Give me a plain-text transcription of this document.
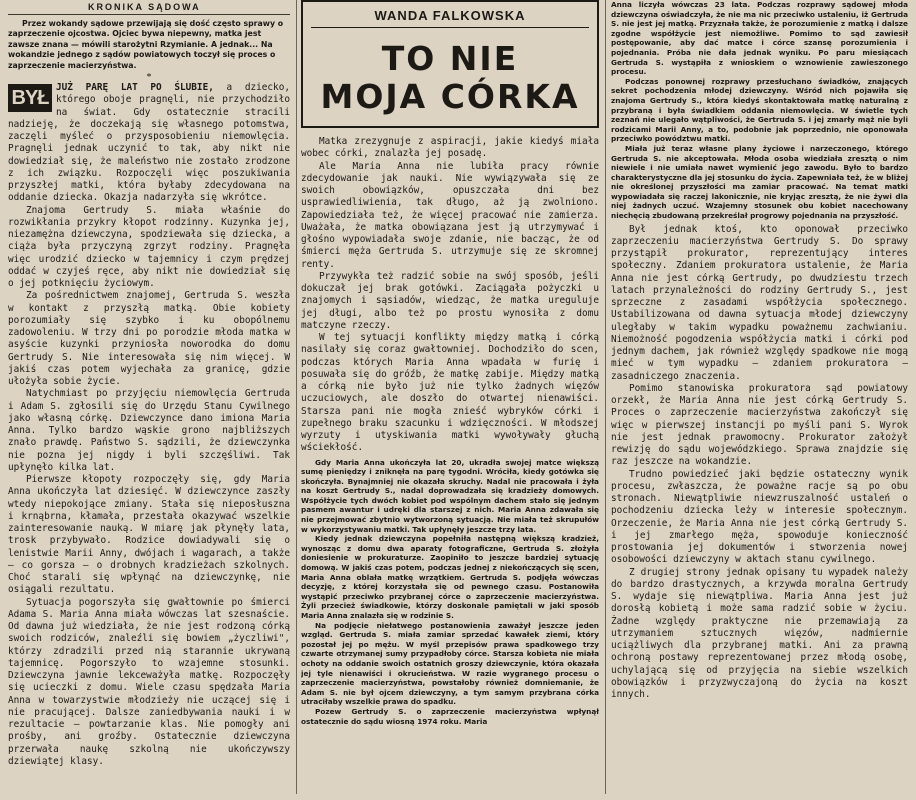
KRONIKA SĄDOWA

Przez wokandy sądowe przewijają się dość często sprawy o zaprzeczenie ojcostwa. Ojciec bywa niepewny, matka jest zawsze znana — mówili starożytni Rzymianie. A jednak... Na wokandzie jednego z sądów powiatowych toczył się proces o zaprzeczenie macierzyństwa.

*

BYŁ JUŻ PARĘ LAT PO ŚLUBIE, a dziecko, którego oboje pragnęli, nie przychodziło na świat. Gdy ostatecznie stracili nadzieję, że doczekają się własnego potomstwa, zaczęli myśleć o przysposobieniu niemowlęcia. Pragnęli jednak uczynić to tak, aby nikt nie dowiedział się, że maleństwo nie zostało zrodzone z ich związku. Rozpoczęli więc poszukiwania przyszłej matki, która byłaby zdecydowana na oddanie dziecka. Okazja nadarzyła się wkrótce.

Znajoma Gertrudy S. miała właśnie do rozwikłania przykry kłopot rodzinny. Kuzynka jej, niezamężna dziewczyna, spodziewała się dziecka, a ciąża była przyczyną zgrzyt rodziny. Pragnęła więc urodzić dziecko w tajemnicy i czym prędzej oddać w czyjeś ręce, aby nikt nie dowiedział się o jej potknięciu życiowym.

Za pośrednictwem znajomej, Gertruda S. weszła w kontakt z przyszłą matką. Obie kobiety porozumiały się szybko i ku obopólnemu zadowoleniu. W trzy dni po porodzie młoda matka w asyście kuzynki przyniosła noworodka do domu Gertrudy S. Nie interesowała się nim więcej. W jakiś czas potem wyjechała za granicę, gdzie ułożyła sobie życie.

Natychmiast po przyjęciu niemowlęcia Gertruda i Adam S. zgłosili się do Urzędu Stanu Cywilnego jako własną córkę. Dziewczynce dano imiona Maria Anna. Tylko bardzo wąskie grono najbliższych znało prawdę. Państwo S. sądzili, że dziewczynka nie pozna jej nigdy i byli szczęśliwi. Tak upłynęło kilka lat.

Pierwsze kłopoty rozpoczęły się, gdy Maria Anna ukończyła lat dziesięć. W dziewczynce zaszły wtedy niepokojące zmiany. Stała się nieposłuszna i krnąbrna, kłamała, przestała okazywać wszelkie zainteresowanie nauką. W miarę jak płynęły lata, trosk przybywało. Rodzice dowiadywali się o lenistwie Marii Anny, dwójach i wagarach, a także — co gorsza — o drobnych kradzieżach szkolnych. Choć starali się wpłynąć na dziewczynkę, nie osiągali rezultatu.

Sytuacja pogorszyła się gwałtownie po śmierci Adama S. Maria Anna miała wówczas lat szesnaście. Od dawna już wiedziała, że nie jest rodzoną córką swoich rodziców, znaleźli się bowiem „życzliwi", którzy zdradzili przed nią starannie ukrywaną tajemnicę. Pogorszyło to wzajemne stosunki. Dziewczyna jawnie lekceważyła matkę. Rozpoczęły się ucieczki z domu. Wiele czasu spędzała Maria Anna w towarzystwie młodzieży nie uczącej się i nie pracującej. Dalsze zaniedbywania nauki i w rezultacie — powtarzanie klas. Nie pomogły ani prośby, ani groźby. Ostatecznie dziewczyna przerwała naukę szkolną nie ukończywszy dziewiątej klasy.

WANDA FALKOWSKA
TO NIE
MOJA CÓRKA

Matka zrezygnuje z aspiracji, jakie kiedyś miała wobec córki, znalazła jej posadę.

Ale Maria Anna nie lubiła pracy równie zdecydowanie jak nauki. Nie wywiązywała się ze swoich obowiązków, opuszczała dni bez usprawiedliwienia, tak długo, aż ją zwolniono. Zapowiedziała też, że więcej pracować nie zamierza. Uważała, że matka obowiązana jest ją utrzymywać i głośno wypowiadała swoje zdanie, nie bacząc, że od śmierci męża Gertruda S. utrzymuje się ze skromnej renty.

Przywykła też radzić sobie na swój sposób, jeśli dokuczał jej brak gotówki. Zaciągała pożyczki u znajomych i sąsiadów, wiedząc, że matka ureguluje jej długi, albo też po prostu wynosiła z domu matczyne rzeczy.

W tej sytuacji konflikty między matką i córką nasilały się coraz gwałtowniej. Dochodziło do scen, podczas których Maria Anna wpadała w furię i posuwała się do gróźb, że matkę zabije. Między matką a córką nie było już nie tylko żadnych więzów uczuciowych, ale doszło do otwartej nienawiści. Starsza pani nie mogła znieść wybryków córki i zupełnego braku szacunku i wdzięczności. W młodszej wyrzuty i utyskiwania matki wywoływały głuchą wściekłość.

Gdy Maria Anna ukończyła lat 20, ukradła swojej matce większą sumę pieniędzy i zniknęła na parę tygodni. Wróciła, kiedy gotówka się skończyła. Bynajmniej nie okazała skruchy. Nadal nie pracowała i żyła na koszt Gertrudy S., nadal doprowadzała się kradzieży domowych. Współżycie tych dwóch kobiet pod wspólnym dachem stało się jednym pasmem awantur i udręki dla starszej z nich. Maria Anna zdawała się nie przejmować zbytnio wytworzoną sytuacją. Nie miała też skrupułów w wykorzystywaniu matki. Tak upłynęły jeszcze trzy lata.

Kiedy jednak dziewczyna popełniła następną większą kradzież, wynosząc z domu dwa aparaty fotograficzne, Gertruda S. złożyła doniesienie w prokuraturze. Zaopiniło to jeszcze bardziej sytuację domową. W jakiś czas potem, podczas jednej z niekończących się scen, Maria Anna oblała matkę wrzątkiem. Gertruda S. podjęła wówczas decyzję, z której korzystała się od pewnego czasu. Postanowiła wystąpić przeciwko przybranej córce o zaprzeczenie macierzyństwa. Żyli przecież świadkowie, którzy doskonale pamiętali w jaki sposób Maria Anna znalazła się w rodzinie S.

Na podjęcie niełatwego postanowienia zaważył jeszcze jeden wzgląd. Gertruda S. miała zamiar sprzedać kawałek ziemi, który pozostał jej po mężu. W myśl przepisów prawa spadkowego trzy czwarte otrzymanej sumy przypadłoby córce. Starsza kobieta nie miała ochoty na oddanie swoich ostatnich groszy dziewczynie, która okazała jej tyle nienawiści i okrucieństwa. W razie wygranego procesu o zaprzeczenie macierzyństwa, powstałoby również domniemanie, że Adam S. nie był ojcem dziewczyny, a tym samym przybrana córka utraciłaby wszelkie prawa do spadku.

Pozew Gertrudy S. o zaprzeczenie macierzyństwa wpłynął ostatecznie do sądu wiosną 1974 roku. Maria

Anna liczyła wówczas 23 lata. Podczas rozprawy sądowej młoda dziewczyna oświadczyła, że nie ma nic przeciwko ustaleniu, iż Gertruda S. nie jest jej matką. Przyznała także, że porozumienie z matką i dalsze zgodne współżycie jest niemożliwe. Pomimo to sąd zawiesił postępowanie, aby dać matce i córce szansę porozumienia i pojednania. Próba nie dała jednak wyniku. Po paru miesiącach Gertruda S. wystąpiła z wnioskiem o wznowienie zawieszonego procesu.

Podczas ponownej rozprawy przesłuchano świadków, znających sekret pochodzenia młodej dziewczyny. Wśród nich pojawiła się znajoma Gertrudy S., która kiedyś skontaktowała matkę naturalną z przybraną i była świadkiem oddania niemowlęcia. W świetle tych zeznań nie ulegało wątpliwości, że Gertruda S. i jej zmarły mąż nie byli rodzicami Marii Anny, a to, podobnie jak poprzednio, nie oponowała przeciwko powództwu matki.

Miała już teraz własne plany życiowe i narzeczonego, którego Gertruda S. nie akceptowała. Młoda osoba wiedziała zresztą o nim niewiele i nie umiała nawet wymienić jego zawodu. Było to bardzo charakterystyczne dla jej stosunku do życia. Zapewniała też, że w bliżej nie określonej przyszłości ma zamiar pracować. Na temat matki wypowiadała się raczej lakonicznie, nie kryjąc zresztą, że nie żywi dla niej żadnych uczuć. Wzajemny stosunek obu kobiet nacechowany niechęcią zbudowaną przekreślał progrowy pojednania na przyszłość.

Był jednak ktoś, kto oponował przeciwko zaprzeczeniu macierzyństwa Gertrudy S. Do sprawy przystąpił prokurator, reprezentujący interes społeczny. Zdaniem prokuratora ustalenie, że Maria Anna nie jest córką Gertrudy, po dwudziestu trzech latach przynależności do rodziny Gertrudy S., jest sprzeczne z zasadami współżycia społecznego. Ustabilizowana od dawna sytuacja młodej dziewczyny uległaby w takim wypadku poważnemu zachwianiu. Niemożność pogodzenia współżycia matki i córki pod jednym dachem, jak również względy spadkowe nie mogą mieć w tym wypadku — zdaniem prokuratora — zasadniczego znaczenia.

Pomimo stanowiska prokuratora sąd powiatowy orzekł, że Maria Anna nie jest córką Gertrudy S. Proces o zaprzeczenie macierzyństwa zakończył się więc w pierwszej instancji po myśli pani S. Wyrok nie jest jednak prawomocny. Prokurator założył rewizję do sądu wojewódzkiego. Sprawa znajdzie się raz jeszcze na wokandzie.

Trudno powiedzieć jaki będzie ostateczny wynik procesu, zwłaszcza, że poważne racje są po obu stronach. Niewątpliwie niewzruszalność ustaleń o pochodzeniu dziecka leży w interesie społecznym. Orzeczenie, że Maria Anna nie jest córką Gertrudy S. i jej zmarłego męża, spowoduje konieczność prostowania jej dokumentów i stworzenia nowej osobowości dziewczyny w aktach stanu cywilnego.

Z drugiej strony jednak opisany tu wypadek należy do bardzo drastycznych, a krzywda moralna Gertrudy S. wydaje się niewątpliwa. Maria Anna jest już dorosłą kobietą i może sama radzić sobie w życiu. Żadne względy praktyczne nie przemawiają za utrzymaniem sztucznych więzów, nadmiernie uciążliwych dla przybranej matki. Ani za prawną ochroną postawy reprezentowanej przez młodą osobę, uchylającą się od przyjęcia na siebie wszelkich obowiązków i przyzwyczajoną do życia na koszt innych.
